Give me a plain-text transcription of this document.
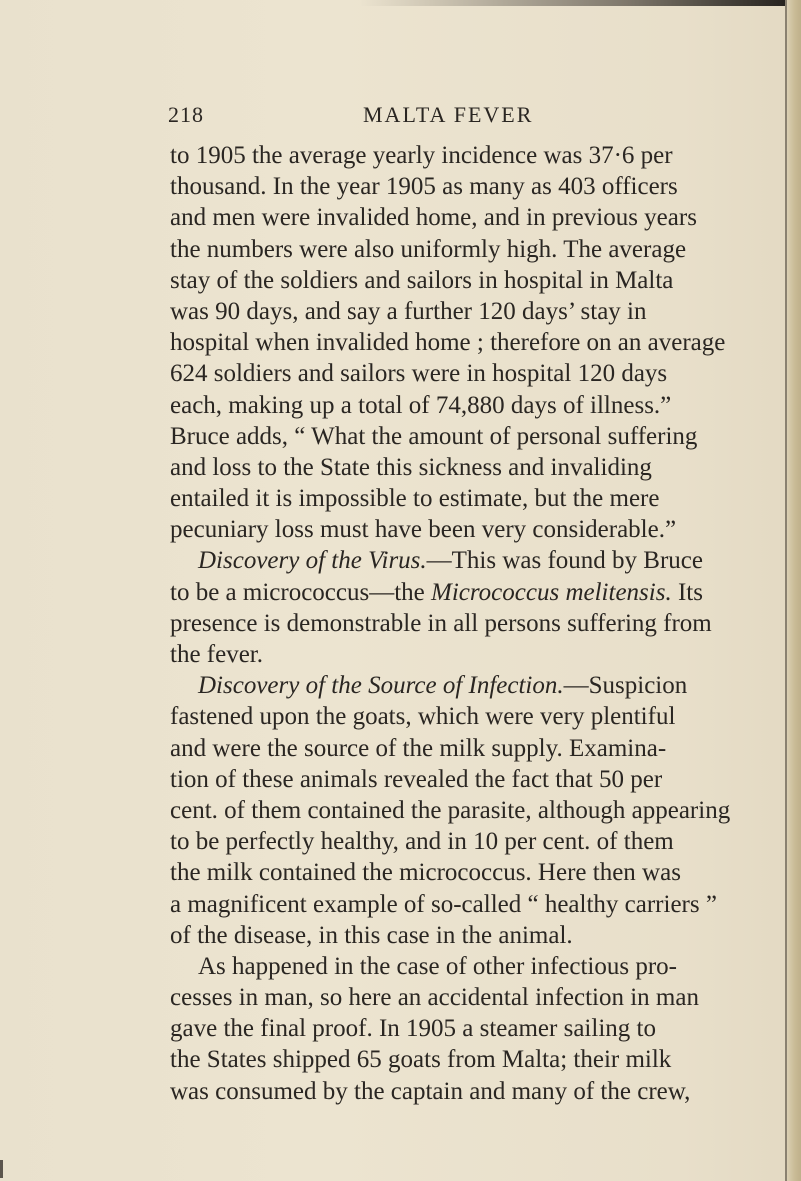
218	MALTA FEVER
to 1905 the average yearly incidence was 37·6 per
thousand. In the year 1905 as many as 403 officers
and men were invalided home, and in previous years
the numbers were also uniformly high. The average
stay of the soldiers and sailors in hospital in Malta
was 90 days, and say a further 120 days’ stay in
hospital when invalided home ; therefore on an average
624 soldiers and sailors were in hospital 120 days
each, making up a total of 74,880 days of illness.”
Bruce adds, “ What the amount of personal suffering
and loss to the State this sickness and invaliding
entailed it is impossible to estimate, but the mere
pecuniary loss must have been very considerable.”
Discovery of the Virus.—This was found by Bruce
to be a micrococcus—the Micrococcus melitensis. Its
presence is demonstrable in all persons suffering from
the fever.
Discovery of the Source of Infection.—Suspicion
fastened upon the goats, which were very plentiful
and were the source of the milk supply. Examina-
tion of these animals revealed the fact that 50 per
cent. of them contained the parasite, although appearing
to be perfectly healthy, and in 10 per cent. of them
the milk contained the micrococcus. Here then was
a magnificent example of so-called “ healthy carriers ”
of the disease, in this case in the animal.
As happened in the case of other infectious pro-
cesses in man, so here an accidental infection in man
gave the final proof. In 1905 a steamer sailing to
the States shipped 65 goats from Malta; their milk
was consumed by the captain and many of the crew,
